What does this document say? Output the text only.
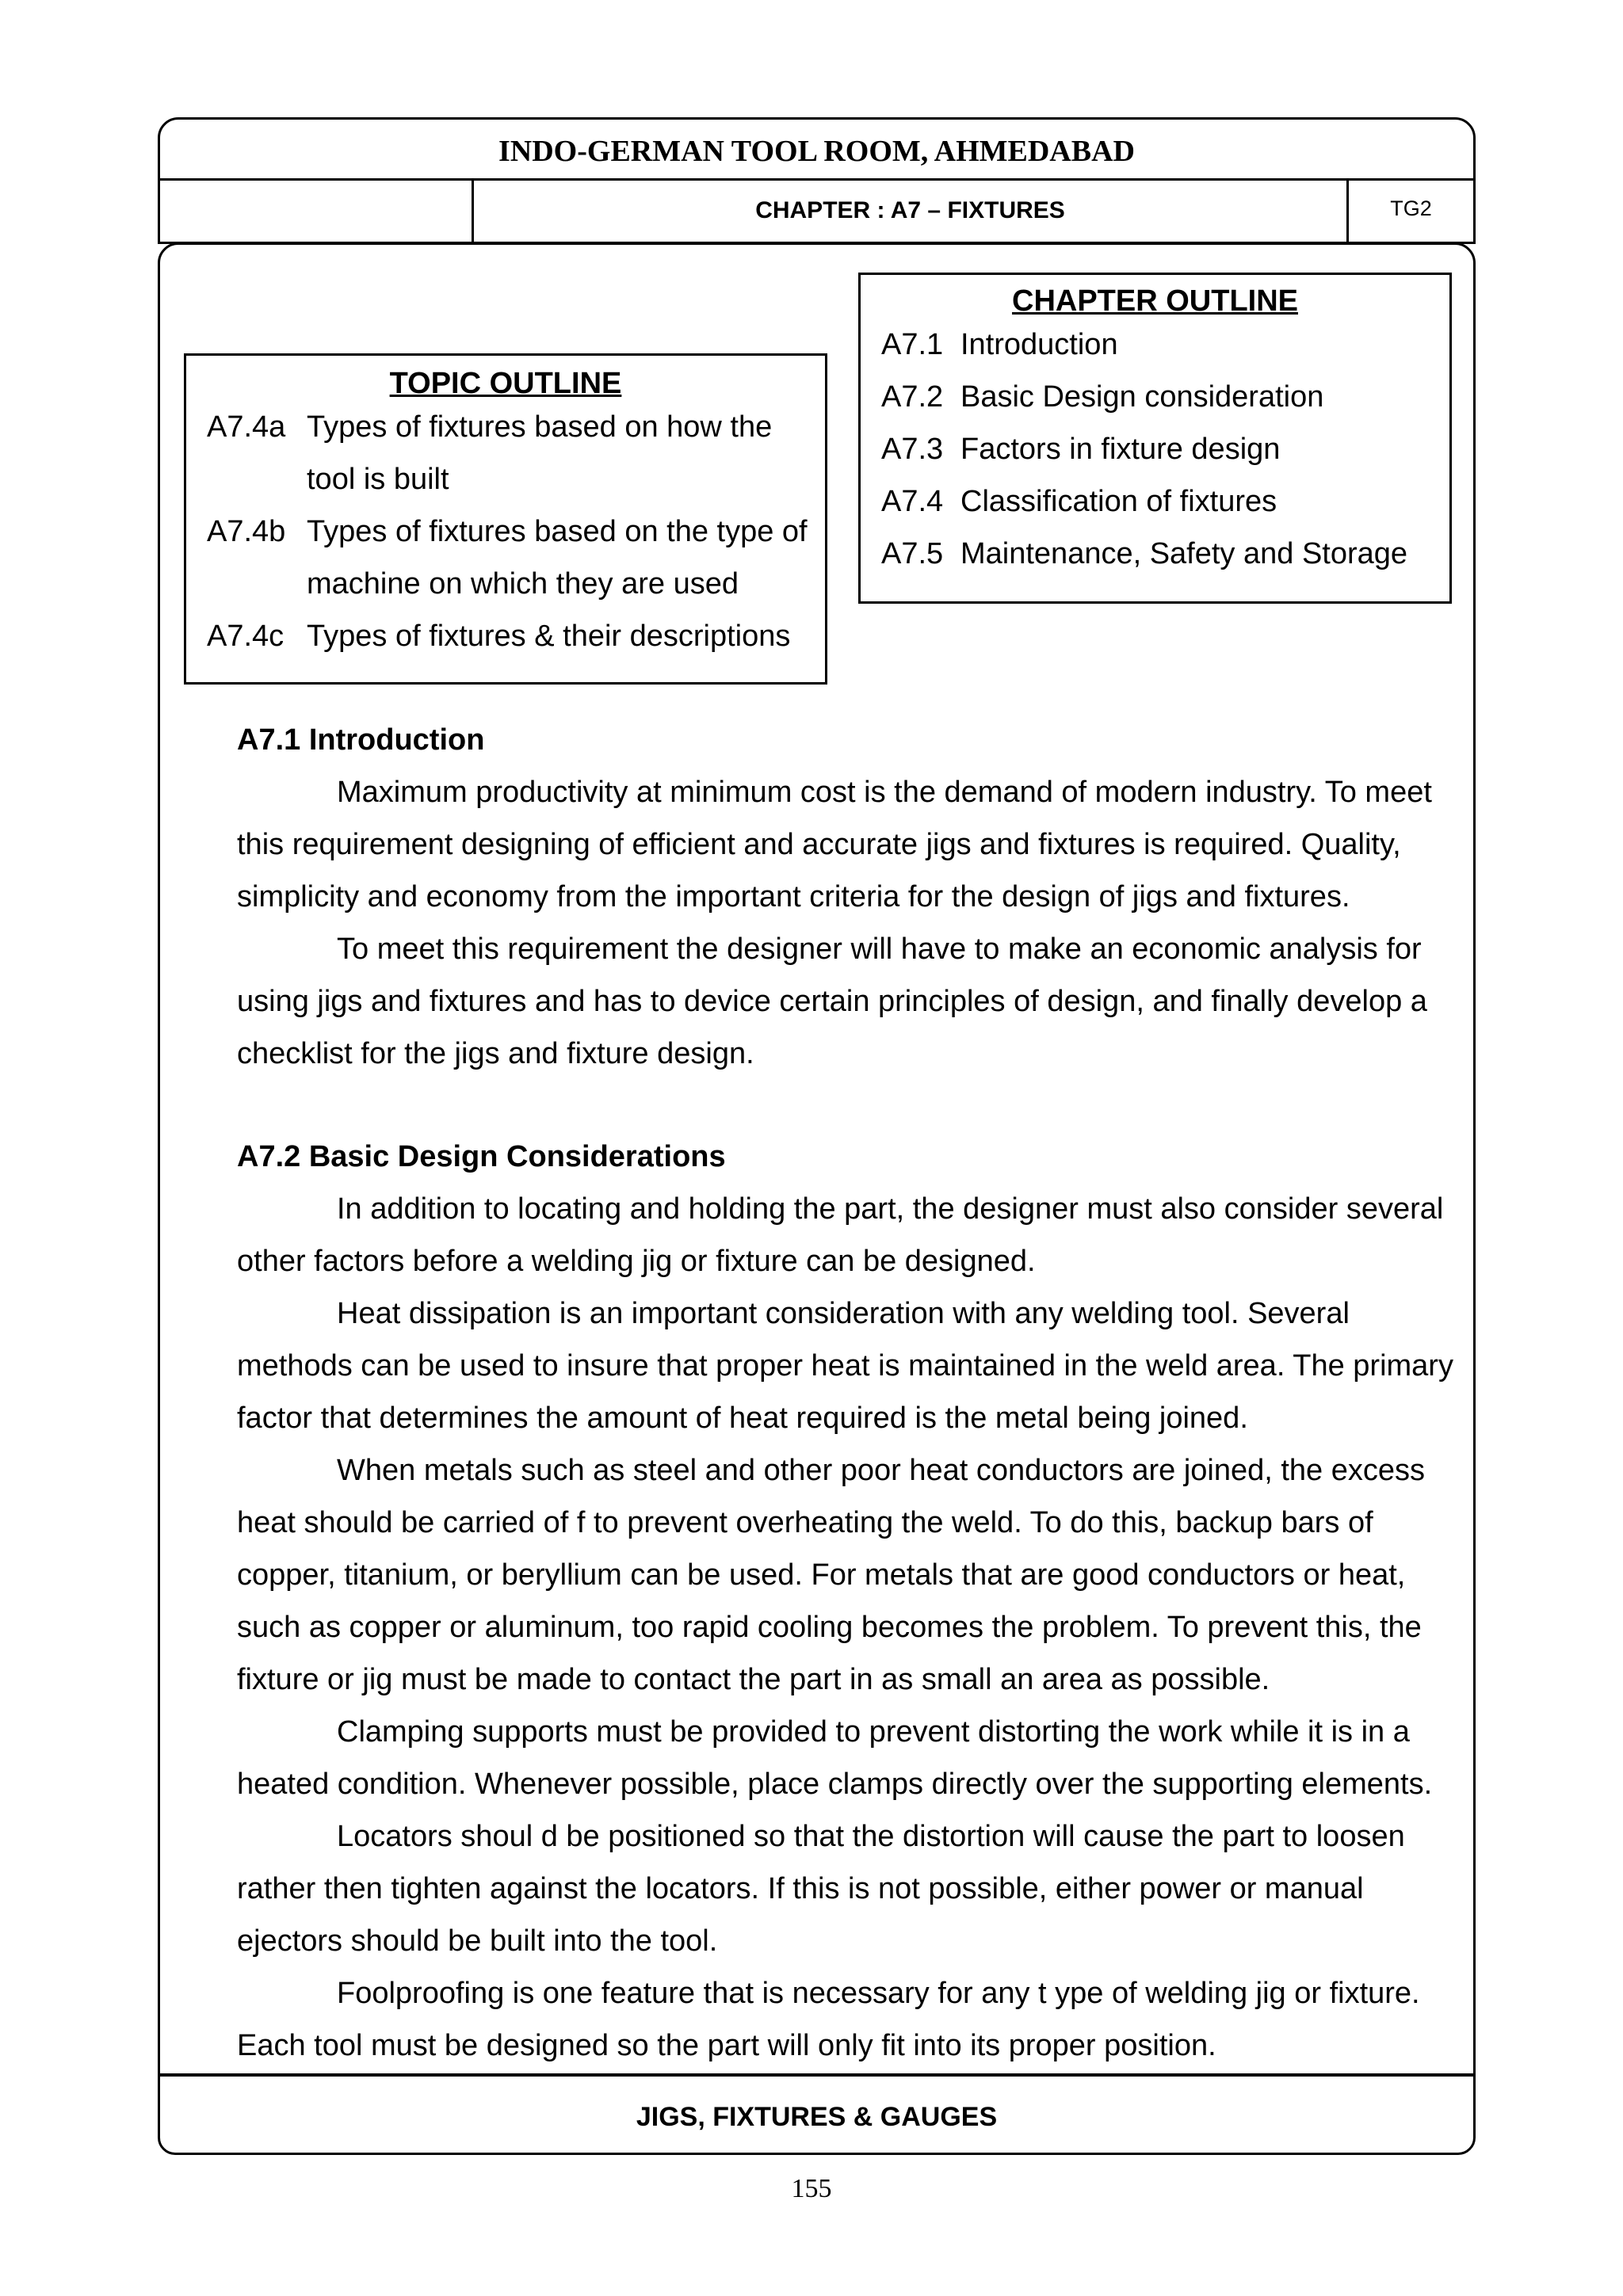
INDO-GERMAN TOOL ROOM, AHMEDABAD
CHAPTER : A7 – FIXTURES	TG2
CHAPTER OUTLINE
A7.1 Introduction
A7.2 Basic Design consideration
A7.3 Factors in fixture design
A7.4 Classification of fixtures
A7.5 Maintenance, Safety and Storage
TOPIC OUTLINE
A7.4a Types of fixtures based on how the
tool is built
A7.4b Types of fixtures based on the type of
machine on which they are used
A7.4c Types of fixtures & their descriptions
A7.1 Introduction

Maximum productivity at minimum cost is the demand of modern industry. To meet this requirement designing of efficient and accurate jigs and fixtures is required. Quality, simplicity and economy from the important criteria for the design of jigs and fixtures.

To meet this requirement the designer will have to make an economic analysis for using jigs and fixtures and has to device certain principles of design, and finally develop a checklist for the jigs and fixture design.

A7.2 Basic Design Considerations

In addition to locating and holding the part, the designer must also consider several other factors before a welding jig or fixture can be designed.

Heat dissipation is an important consideration with any welding tool. Several methods can be used to insure that proper heat is maintained in the weld area. The primary factor that determines the amount of heat required is the metal being joined.

When metals such as steel and other poor heat conductors are joined, the excess heat should be carried of f to prevent overheating the weld. To do this, backup bars of copper, titanium, or beryllium can be used. For metals that are good conductors or heat, such as copper or aluminum, too rapid cooling becomes the problem. To prevent this, the fixture or jig must be made to contact the part in as small an area as possible.

Clamping supports must be provided to prevent distorting the work while it is in a heated condition. Whenever possible, place clamps directly over the supporting elements.

Locators shoul d be positioned so that the distortion will cause the part to loosen rather then tighten against the locators. If this is not possible, either power or manual ejectors should be built into the tool.

Foolproofing is one feature that is necessary for any t ype of welding jig or fixture. Each tool must be designed so the part will only fit into its proper position.

JIGS, FIXTURES & GAUGES
155
